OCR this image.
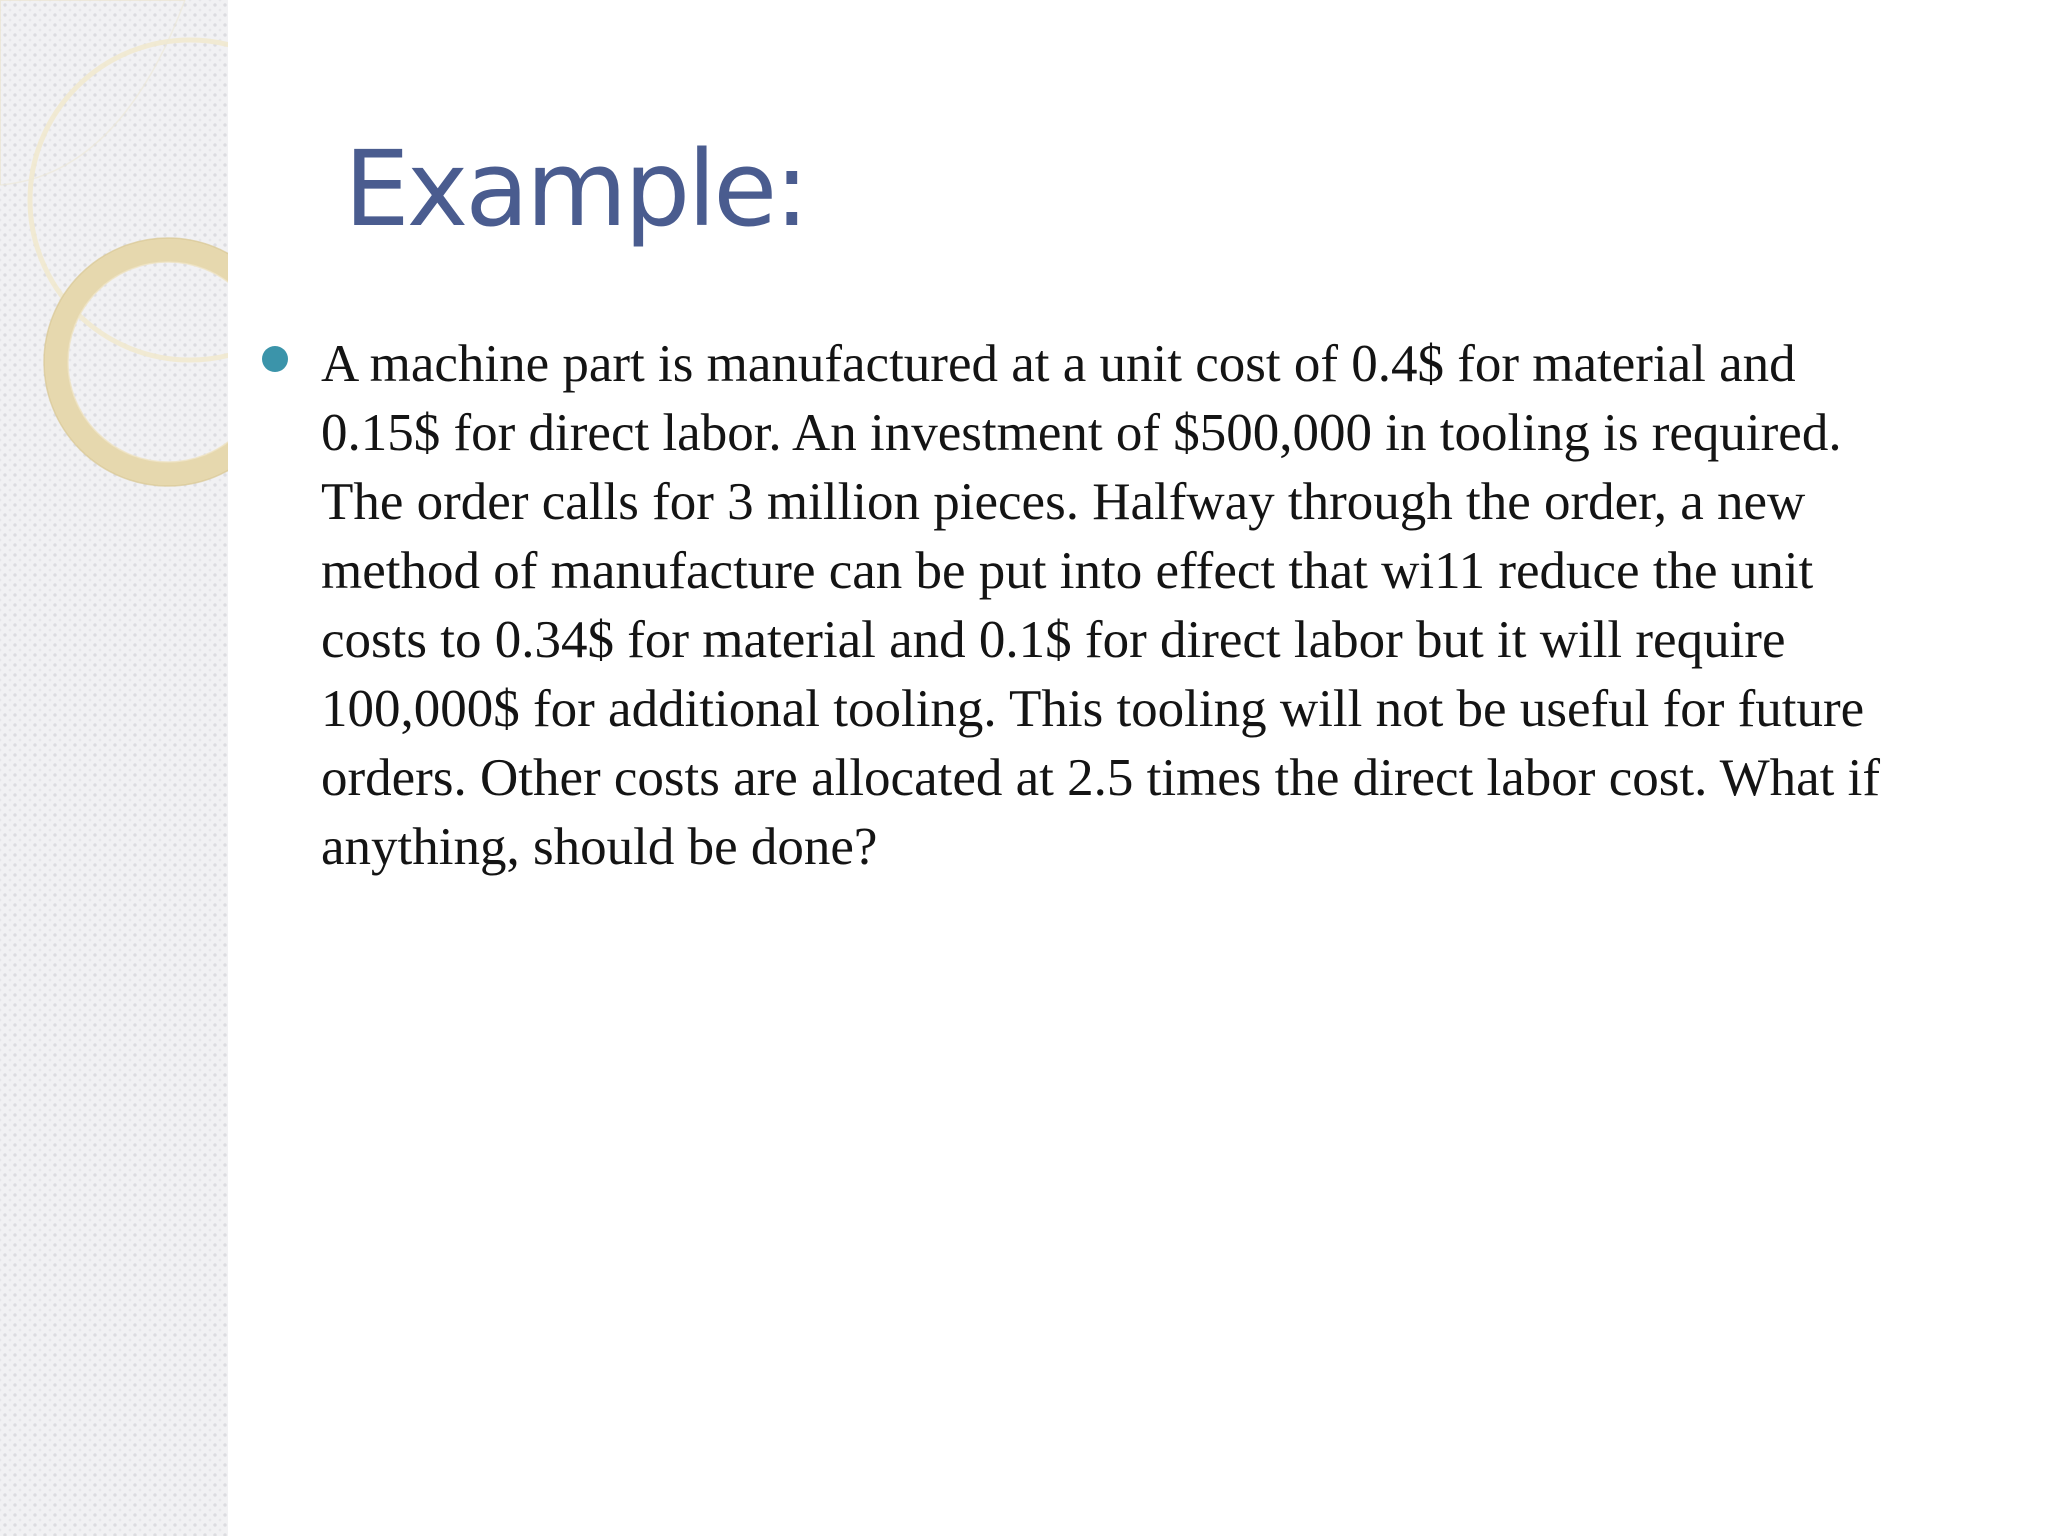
Example:

A machine part is manufactured at a unit cost of 0.4$ for material and 0.15$ for direct labor. An investment of $500,000 in tooling is required. The order calls for 3 million pieces. Halfway through the order, a new method of manufacture can be put into effect that wi11 reduce the unit costs to 0.34$ for material and 0.1$ for direct labor but it will require 100,000$ for additional tooling. This tooling will not be useful for future orders. Other costs are allocated at 2.5 times the direct labor cost. What if anything, should be done?
